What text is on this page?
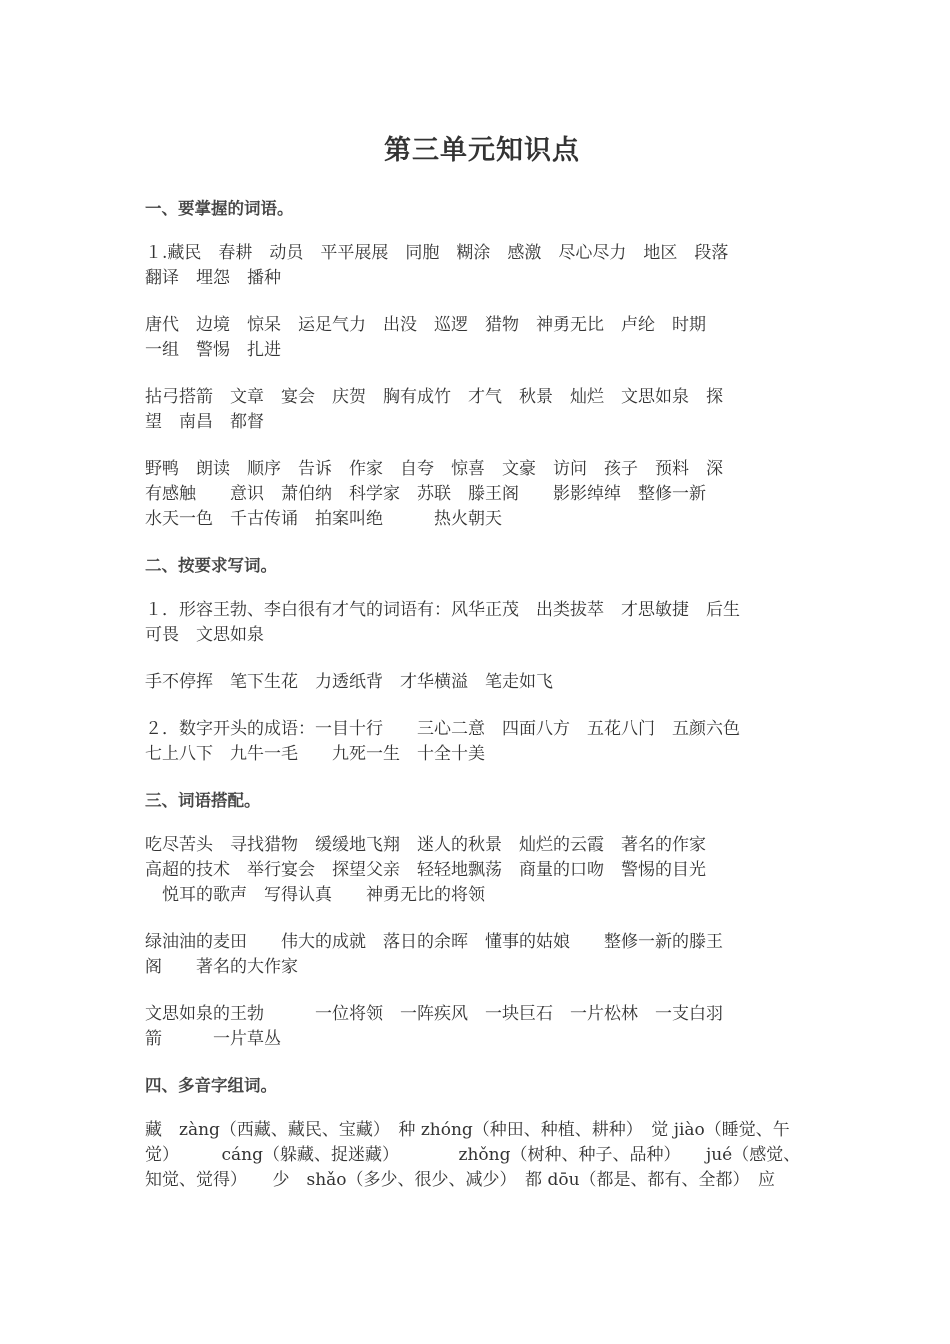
第三单元知识点
一、要掌握的词语。
１.藏民　春耕　动员　平平展展　同胞　糊涂　感激　尽心尽力　地区　段落
翻译　埋怨　播种
唐代　边境　惊呆　运足气力　出没　巡逻　猎物　神勇无比　卢纶　时期
一组　警惕　扎进
拈弓搭箭　文章　宴会　庆贺　胸有成竹　才气　秋景　灿烂　文思如泉　探
望　南昌　都督
野鸭　朗读　顺序　告诉　作家　自夸　惊喜　文豪　访问　孩子　预料　深
有感触　　意识　萧伯纳　科学家　苏联　滕王阁　　影影绰绰　整修一新
水天一色　千古传诵　拍案叫绝　　　热火朝天
二、按要求写词。
１．形容王勃、李白很有才气的词语有：风华正茂　出类拔萃　才思敏捷　后生
可畏　文思如泉
手不停挥　笔下生花　力透纸背　才华横溢　笔走如飞
２．数字开头的成语：一目十行　　三心二意　四面八方　五花八门　五颜六色
七上八下　九牛一毛　　九死一生　十全十美
三、词语搭配。
吃尽苦头　寻找猎物　缓缓地飞翔　迷人的秋景　灿烂的云霞　著名的作家
高超的技术　举行宴会　探望父亲　轻轻地飘荡　商量的口吻　警惕的目光
　悦耳的歌声　写得认真　　神勇无比的将领
绿油油的麦田　　伟大的成就　落日的余晖　懂事的姑娘　　整修一新的滕王
阁　　著名的大作家
文思如泉的王勃　　　一位将领　一阵疾风　一块巨石　一片松林　一支白羽
箭　　　一片草丛
四、多音字组词。
藏　zàng（西藏、藏民、宝藏）　种 zhóng（种田、种植、耕种）　觉 jiào（睡觉、午
觉）　　　cáng（躲藏、捉迷藏）　　　　zhǒng（树种、种子、品种）　　jué（感觉、
知觉、觉得）　　少　shǎo（多少、很少、减少）　都 dōu（都是、都有、全都）　应
